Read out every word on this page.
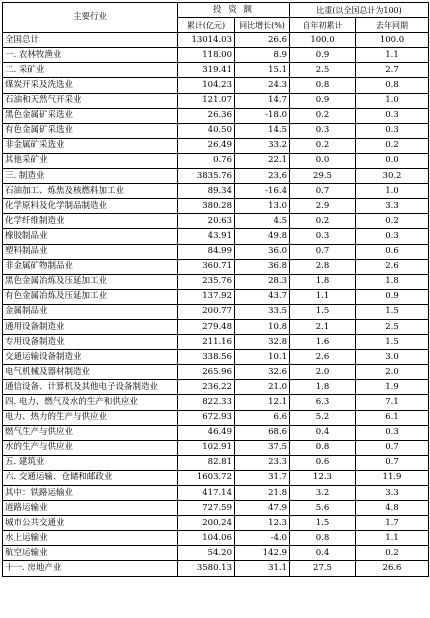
主要行业	投 资 额		比重(以全国总计为100)	
	累计(亿元)	同比增长(%)	自年初累计	去年同期
全国总计	13014.03	26.6	100.0	100.0
一. 农林牧渔业	118.00	8.9	0.9	1.1
二. 采矿业	319.41	15.1	2.5	2.7
煤炭开采及洗选业	104.23	24.3	0.8	0.8
石油和天然气开采业	121.07	14.7	0.9	1.0
黑色金属矿采选业	26.36	-18.0	0.2	0.3
有色金属矿采选业	40.50	14.5	0.3	0.3
非金属矿采选业	26.49	33.2	0.2	0.2
其他采矿业	0.76	22.1	0.0	0.0
三. 制造业	3835.76	23.6	29.5	30.2
石油加工、炼焦及核燃料加工业	89.34	-16.4	0.7	1.0
化学原料及化学制品制造业	380.28	13.0	2.9	3.3
化学纤维制造业	20.63	4.5	0.2	0.2
橡胶制品业	43.91	49.8	0.3	0.3
塑料制品业	84.99	36.0	0.7	0.6
非金属矿物制品业	360.71	36.8	2.8	2.6
黑色金属冶炼及压延加工业	235.76	28.3	1.8	1.8
有色金属冶炼及压延加工业	137.92	43.7	1.1	0.9
金属制品业	200.77	33.5	1.5	1.5
通用设备制造业	279.48	10.8	2.1	2.5
专用设备制造业	211.16	32.8	1.6	1.5
交通运输设备制造业	338.56	10.1	2.6	3.0
电气机械及器材制造业	265.96	32.6	2.0	2.0
通信设备、计算机及其他电子设备制造业	236.22	21.0	1.8	1.9
四. 电力、燃气及水的生产和供应业	822.33	12.1	6.3	7.1
电力、热力的生产与供应业	672.93	6.6	5.2	6.1
燃气生产与供应业	46.49	68.6	0.4	0.3
水的生产与供应业	102.91	37.5	0.8	0.7
五. 建筑业	82.81	23.3	0.6	0.7
六. 交通运输、仓储和邮政业	1603.72	31.7	12.3	11.9
其中：铁路运输业	417.14	21.8	3.2	3.3
道路运输业	727.59	47.9	5.6	4.8
城市公共交通业	200.24	12.3	1.5	1.7
水上运输业	104.06	-4.0	0.8	1.1
航空运输业	54.20	142.9	0.4	0.2
十一. 房地产业	3580.13	31.1	27.5	26.6
